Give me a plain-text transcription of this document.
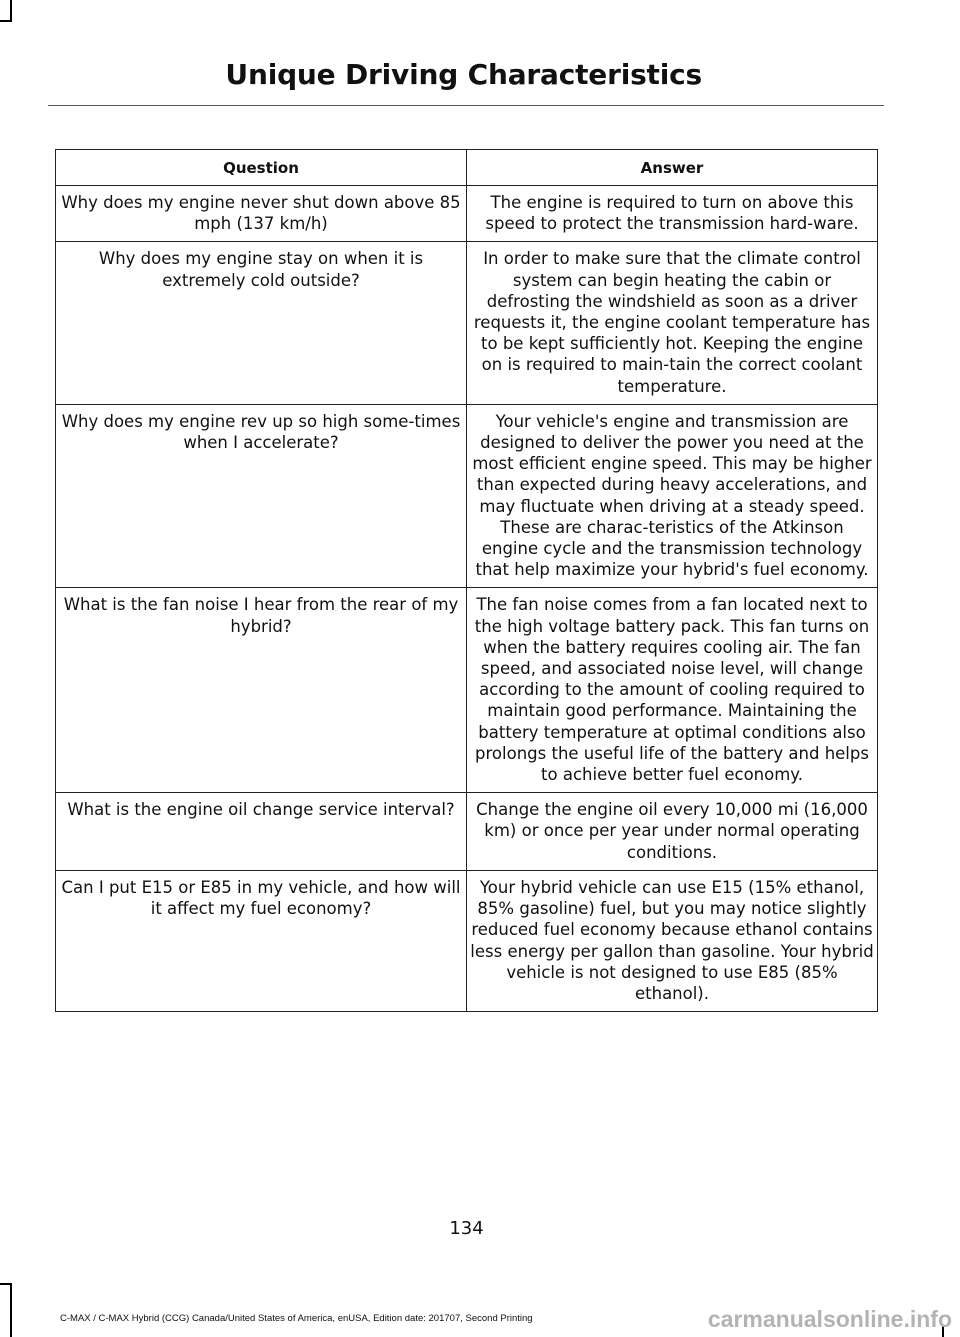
Unique Driving Characteristics
Question	Answer
Why does my engine never shut down above 85 mph (137 km/h)	The engine is required to turn on above this speed to protect the transmission hard-ware.
Why does my engine stay on when it is extremely cold outside?	In order to make sure that the climate control system can begin heating the cabin or defrosting the windshield as soon as a driver requests it, the engine coolant temperature has to be kept sufficiently hot. Keeping the engine on is required to main-tain the correct coolant temperature.
Why does my engine rev up so high some-times when I accelerate?	Your vehicle's engine and transmission are designed to deliver the power you need at the most efficient engine speed. This may be higher than expected during heavy accelerations, and may fluctuate when driving at a steady speed. These are charac-teristics of the Atkinson engine cycle and the transmission technology that help maximize your hybrid's fuel economy.
What is the fan noise I hear from the rear of my hybrid?	The fan noise comes from a fan located next to the high voltage battery pack. This fan turns on when the battery requires cooling air. The fan speed, and associated noise level, will change according to the amount of cooling required to maintain good performance. Maintaining the battery temperature at optimal conditions also prolongs the useful life of the battery and helps to achieve better fuel economy.
What is the engine oil change service interval?	Change the engine oil every 10,000 mi (16,000 km) or once per year under normal operating conditions.
Can I put E15 or E85 in my vehicle, and how will it affect my fuel economy?	Your hybrid vehicle can use E15 (15% ethanol, 85% gasoline) fuel, but you may notice slightly reduced fuel economy because ethanol contains less energy per gallon than gasoline. Your hybrid vehicle is not designed to use E85 (85% ethanol).
134
C-MAX / C-MAX Hybrid (CCG) Canada/United States of America, enUSA, Edition date: 201707, Second Printing	carmanualsonline.info
